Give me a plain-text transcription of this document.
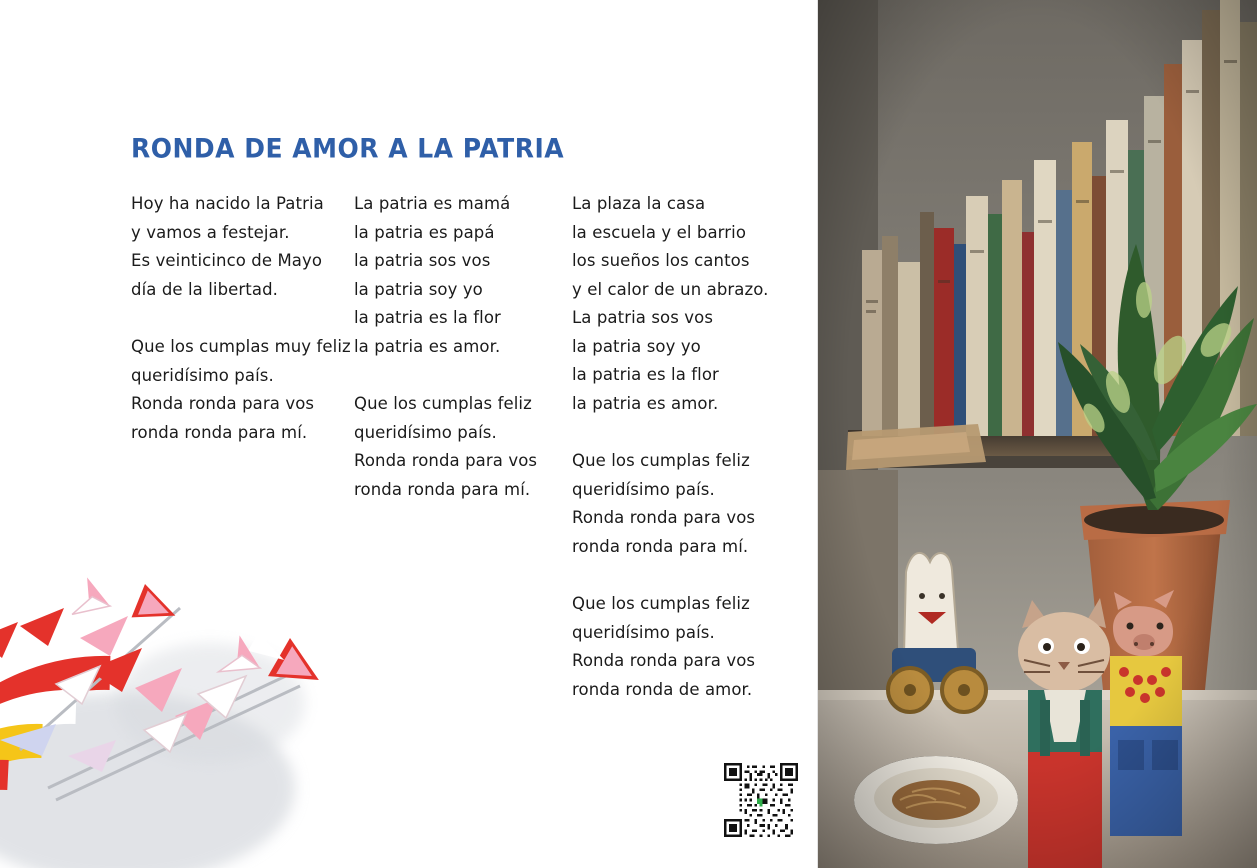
RONDA DE AMOR A LA PATRIA

Hoy ha nacido la Patria
y vamos a festejar.
Es veinticinco de Mayo
día de la libertad.

Que los cumplas muy feliz
queridísimo país.
Ronda ronda para vos
ronda ronda para mí.

La patria es mamá
la patria es papá
la patria sos vos
la patria soy yo
la patria es la flor
la patria es amor.

Que los cumplas feliz
queridísimo país.
Ronda ronda para vos
ronda ronda para mí.

La plaza la casa
la escuela y el barrio
los sueños los cantos
y el calor de un abrazo.
La patria sos vos
la patria soy yo
la patria es la flor
la patria es amor.

Que los cumplas feliz
queridísimo país.
Ronda ronda para vos
ronda ronda para mí.

Que los cumplas feliz
queridísimo país.
Ronda ronda para vos
ronda ronda de amor.
